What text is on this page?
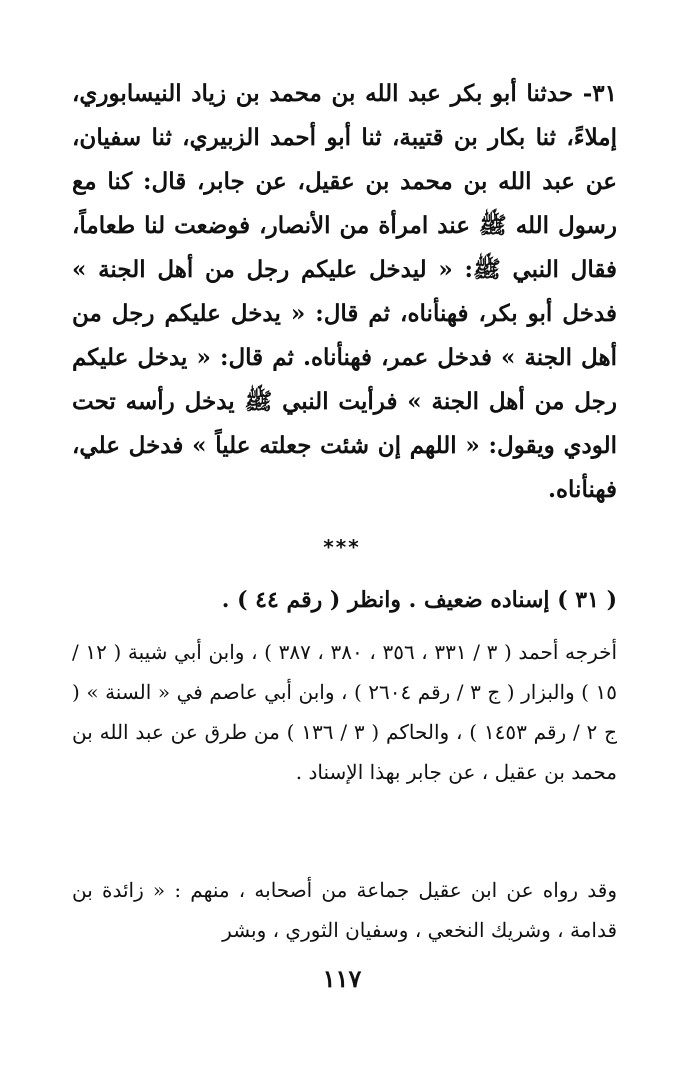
٣١- حدثنا أبو بكر عبد الله بن محمد بن زياد النيسابوري، إملاءً، ثنا بكار بن قتيبة، ثنا أبو أحمد الزبيري، ثنا سفيان، عن عبد الله بن محمد بن عقيل، عن جابر، قال: كنا مع رسول الله ﷺ عند امرأة من الأنصار، فوضعت لنا طعاماً، فقال النبي ﷺ: « ليدخل عليكم رجل من أهل الجنة » فدخل أبو بكر، فهنأناه، ثم قال: « يدخل عليكم رجل من أهل الجنة » فدخل عمر، فهنأناه. ثم قال: « يدخل عليكم رجل من أهل الجنة » فرأيت النبي ﷺ يدخل رأسه تحت الودي ويقول: « اللهم إن شئت جعلته علياً » فدخل علي، فهنأناه.

***

( ٣١ ) إسناده ضعيف . وانظر ( رقم ٤٤ ) .

أخرجه أحمد ( ٣ / ٣٣١ ، ٣٥٦ ، ٣٨٠ ، ٣٨٧ ) ، وابن أبي شيبة ( ١٢ / ١٥ ) والبزار ( ج ٣ / رقم ٢٦٠٤ ) ، وابن أبي عاصم في « السنة » ( ج ٢ / رقم ١٤٥٣ ) ، والحاكم ( ٣ / ١٣٦ ) من طرق عن عبد الله بن محمد بن عقيل ، عن جابر بهذا الإسناد .

وقد رواه عن ابن عقيل جماعة من أصحابه ، منهم : « زائدة بن قدامة ، وشريك النخعي ، وسفيان الثوري ، وبشر

١١٧
